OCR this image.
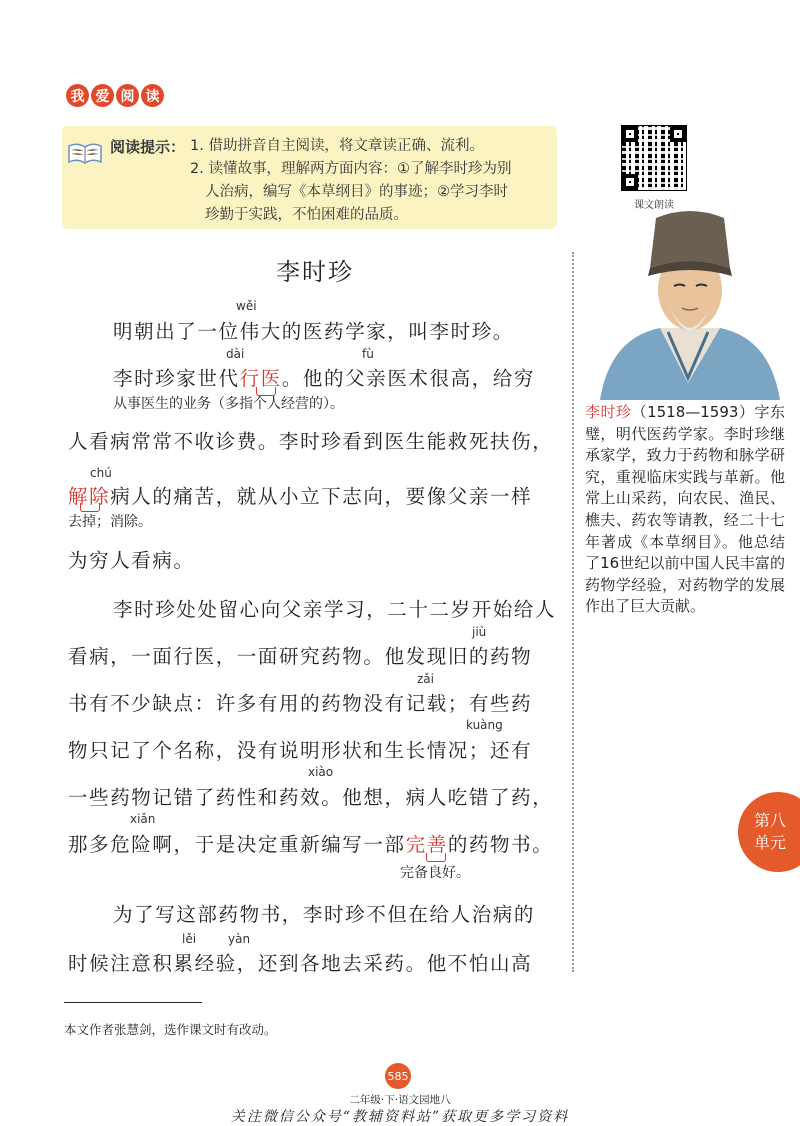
我 爱 阅 读
阅读提示： 1. 借助拼音自主阅读，将文章读正确、流利。
2. 读懂故事，理解两方面内容：①了解李时珍为别
人治病，编写《本草纲目》的事迹；②学习李时
珍勤于实践，不怕困难的品质。
课文朗读
李时珍
wěi
明朝出了一位伟大的医药学家，叫李时珍。
dài	fù
李时珍家世代行医。他的父亲医术很高，给穷
从事医生的业务（多指个人经营的）。
人看病常常不收诊费。李时珍看到医生能救死扶伤，
chú
解除病人的痛苦，就从小立下志向，要像父亲一样
去掉；消除。
为穷人看病。
李时珍处处留心向父亲学习，二十二岁开始给人
jiù
看病，一面行医，一面研究药物。他发现旧的药物
zǎi
书有不少缺点：许多有用的药物没有记载；有些药
kuàng
物只记了个名称，没有说明形状和生长情况；还有
xiào
一些药物记错了药性和药效。他想，病人吃错了药，
xiǎn
那多危险啊，于是决定重新编写一部完善的药物书。
完备良好。
为了写这部药物书，李时珍不但在给人治病的
lěi	yàn
时候注意积累经验，还到各地去采药。他不怕山高
李时珍（1518—1593）字东璧，明代医药学家。李时珍继承家学，致力于药物和脉学研究，重视临床实践与革新。他常上山采药，向农民、渔民、樵夫、药农等请教，经二十七年著成《本草纲目》。他总结了16世纪以前中国人民丰富的药物学经验，对药物学的发展作出了巨大贡献。
第八
单元
本文作者张慧剑，选作课文时有改动。
585
二年级·下·语文园地八
关注微信公众号“教辅资料站”获取更多学习资料
